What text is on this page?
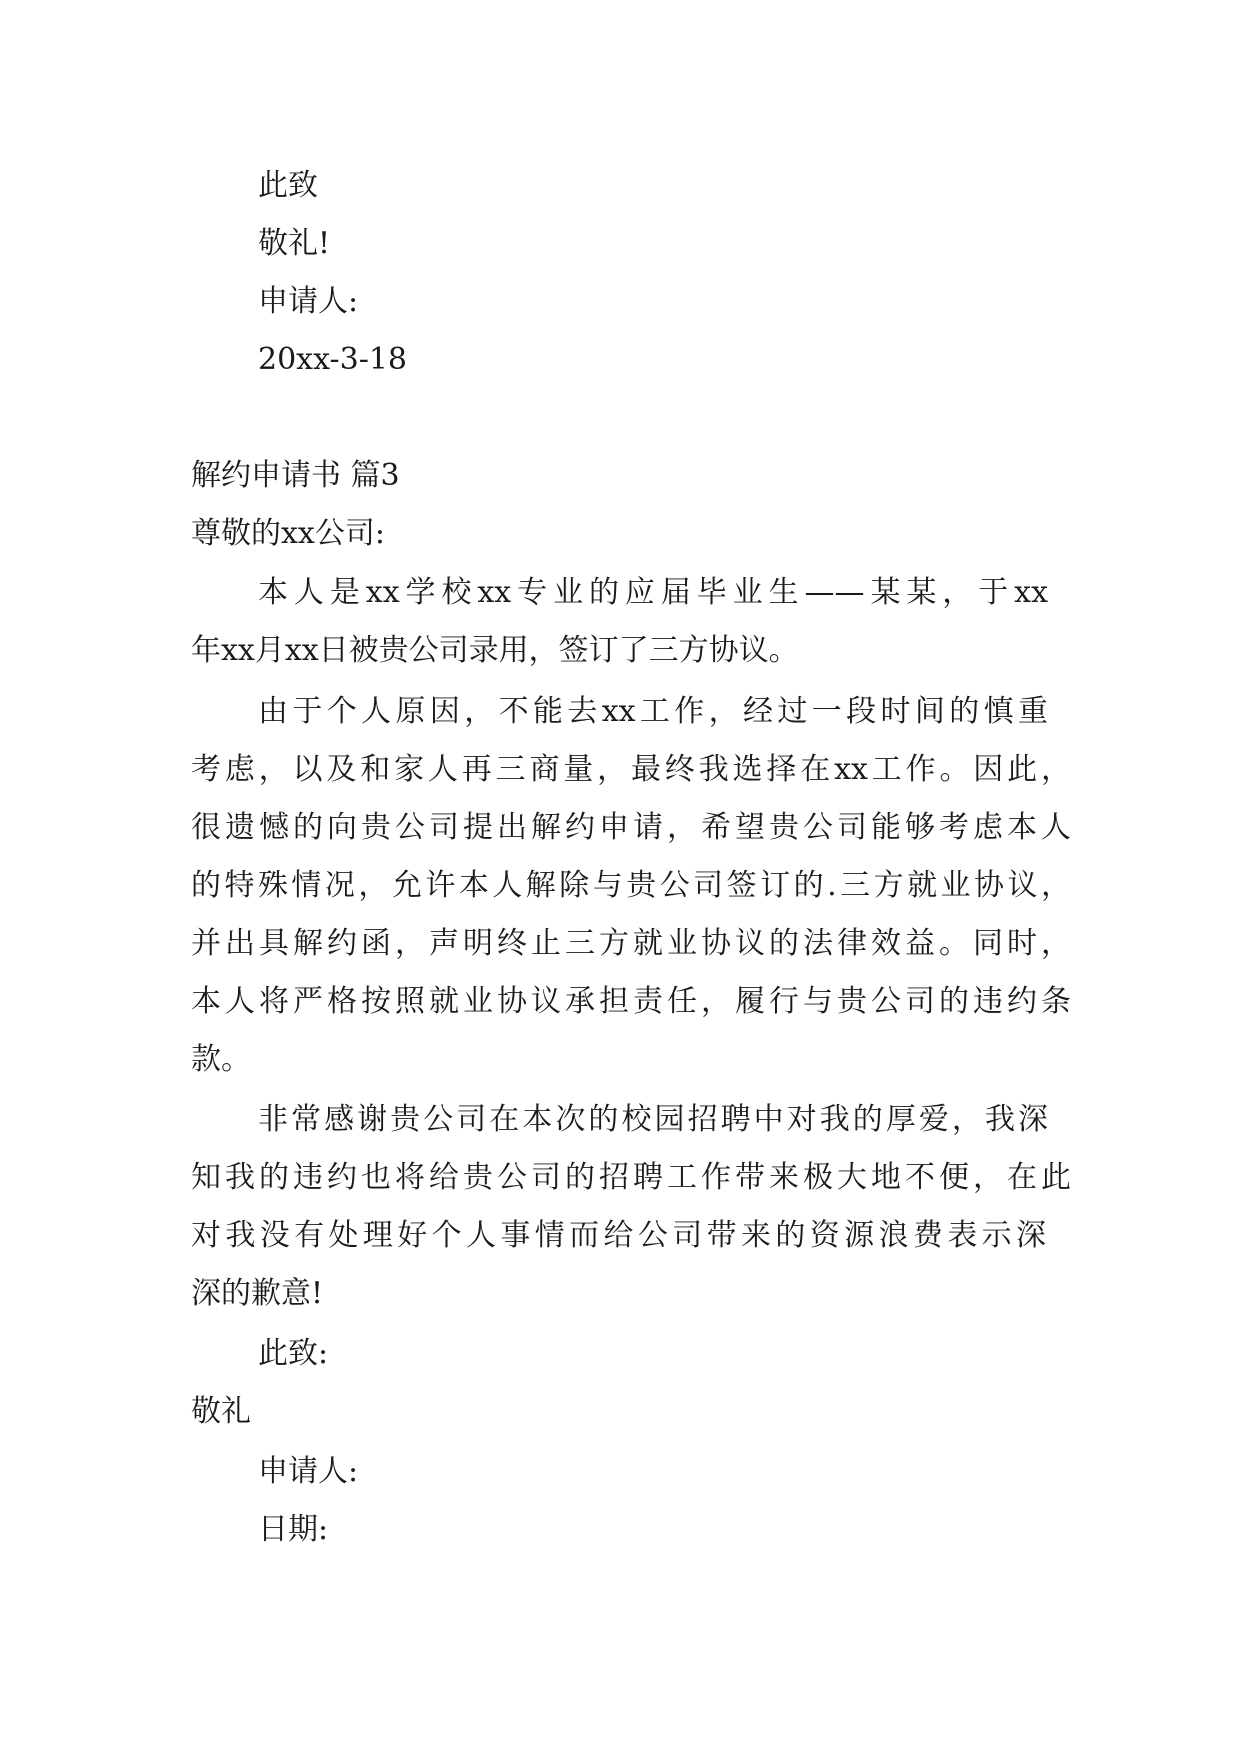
此致
敬礼!
申请人:
20xx-3-18
解约申请书 篇3
尊敬的xx公司:
本人是xx学校xx专业的应届毕业生——某某，于xx
年xx月xx日被贵公司录用，签订了三方协议。
由于个人原因，不能去xx工作，经过一段时间的慎重
考虑，以及和家人再三商量，最终我选择在xx工作。因此，
很遗憾的向贵公司提出解约申请，希望贵公司能够考虑本人
的特殊情况，允许本人解除与贵公司签订的.三方就业协议，
并出具解约函，声明终止三方就业协议的法律效益。同时，
本人将严格按照就业协议承担责任，履行与贵公司的违约条
款。
非常感谢贵公司在本次的校园招聘中对我的厚爱，我深
知我的违约也将给贵公司的招聘工作带来极大地不便，在此
对我没有处理好个人事情而给公司带来的资源浪费表示深
深的歉意!
此致:
敬礼
申请人:
日期:
